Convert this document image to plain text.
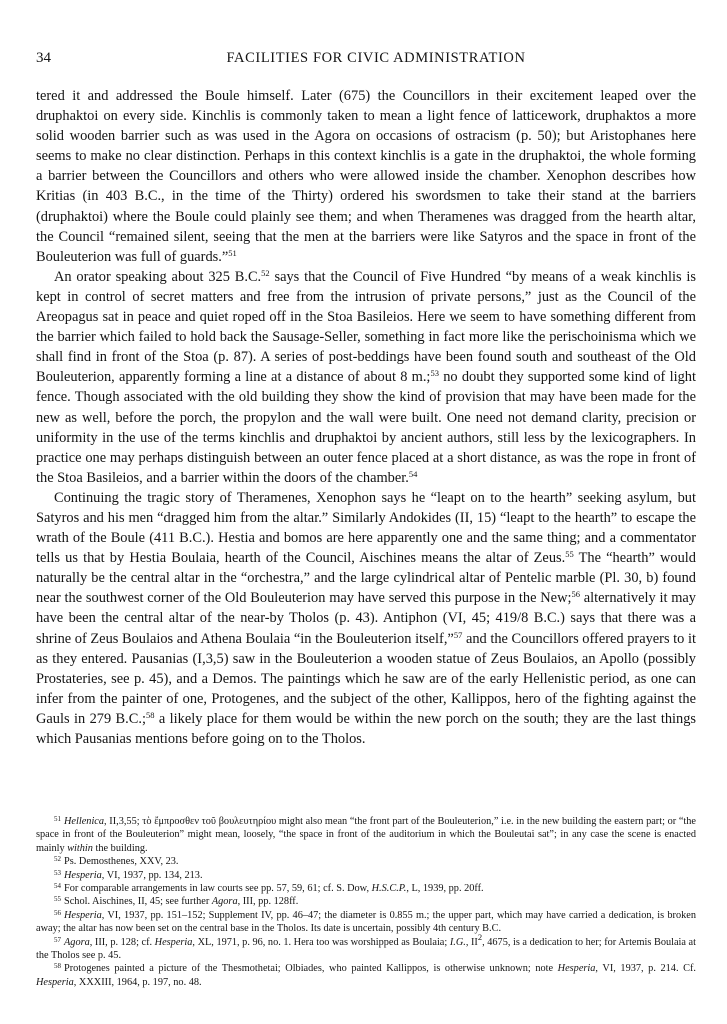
34	FACILITIES FOR CIVIC ADMINISTRATION

tered it and addressed the Boule himself. Later (675) the Councillors in their excitement leaped over the druphaktoi on every side. Kinchlis is commonly taken to mean a light fence of latticework, druphaktos a more solid wooden barrier such as was used in the Agora on occasions of ostracism (p. 50); but Aristophanes here seems to make no clear distinction. Perhaps in this context kinchlis is a gate in the druphaktoi, the whole forming a barrier between the Councillors and others who were allowed inside the chamber. Xenophon describes how Kritias (in 403 B.C., in the time of the Thirty) ordered his swordsmen to take their stand at the barriers (druphaktoi) where the Boule could plainly see them; and when Theramenes was dragged from the hearth altar, the Council “remained silent, seeing that the men at the barriers were like Satyros and the space in front of the Bouleuterion was full of guards.”$^{51}$

An orator speaking about 325 B.C.$^{52}$ says that the Council of Five Hundred “by means of a weak kinchlis is kept in control of secret matters and free from the intrusion of private persons,” just as the Council of the Areopagus sat in peace and quiet roped off in the Stoa Basileios. Here we seem to have something different from the barrier which failed to hold back the Sausage-Seller, something in fact more like the perischoinisma which we shall find in front of the Stoa (p. 87). A series of post-beddings have been found south and southeast of the Old Bouleuterion, apparently forming a line at a distance of about 8 m.;$^{53}$ no doubt they supported some kind of light fence. Though associated with the old building they show the kind of provision that may have been made for the new as well, before the porch, the propylon and the wall were built. One need not demand clarity, precision or uniformity in the use of the terms kinchlis and druphaktoi by ancient authors, still less by the lexicographers. In practice one may perhaps distinguish between an outer fence placed at a short distance, as was the rope in front of the Stoa Basileios, and a barrier within the doors of the chamber.$^{54}$

Continuing the tragic story of Theramenes, Xenophon says he “leapt on to the hearth” seeking asylum, but Satyros and his men “dragged him from the altar.” Similarly Andokides (II, 15) “leapt to the hearth” to escape the wrath of the Boule (411 B.C.). Hestia and bomos are here apparently one and the same thing; and a commentator tells us that by Hestia Boulaia, hearth of the Council, Aischines means the altar of Zeus.$^{55}$ The “hearth” would naturally be the central altar in the “orchestra,” and the large cylindrical altar of Pentelic marble (Pl. 30, b) found near the southwest corner of the Old Bouleuterion may have served this purpose in the New;$^{56}$ alternatively it may have been the central altar of the near-by Tholos (p. 43). Antiphon (VI, 45; 419/8 B.C.) says that there was a shrine of Zeus Boulaios and Athena Boulaia “in the Bouleuterion itself,”$^{57}$ and the Councillors offered prayers to it as they entered. Pausanias (I,3,5) saw in the Bouleuterion a wooden statue of Zeus Boulaios, an Apollo (possibly Prostateries, see p. 45), and a Demos. The paintings which he saw are of the early Hellenistic period, as one can infer from the painter of one, Protogenes, and the subject of the other, Kallippos, hero of the fighting against the Gauls in 279 B.C.;$^{58}$ a likely place for them would be within the new porch on the south; they are the last things which Pausanias mentions before going on to the Tholos.

$^{51}$ Hellenica, II,3,55; τὸ ἔμπροσθεν τοῦ βουλευτηρίου might also mean “the front part of the Bouleuterion,” i.e. in the new building the eastern part; or “the space in front of the Bouleuterion” might mean, loosely, “the space in front of the auditorium in which the Bouleutai sat”; in any case the scene is enacted mainly within the building.

$^{52}$ Ps. Demosthenes, XXV, 23.

$^{53}$ Hesperia, VI, 1937, pp. 134, 213.

$^{54}$ For comparable arrangements in law courts see pp. 57, 59, 61; cf. S. Dow, H.S.C.P., L, 1939, pp. 20ff.

$^{55}$ Schol. Aischines, II, 45; see further Agora, III, pp. 128ff.

$^{56}$ Hesperia, VI, 1937, pp. 151–152; Supplement IV, pp. 46–47; the diameter is 0.855 m.; the upper part, which may have carried a dedication, is broken away; the altar has now been set on the central base in the Tholos. Its date is uncertain, possibly 4th century B.C.

$^{57}$ Agora, III, p. 128; cf. Hesperia, XL, 1971, p. 96, no. 1. Hera too was worshipped as Boulaia; I.G., $II^2$, 4675, is a dedication to her; for Artemis Boulaia at the Tholos see p. 45.

$^{58}$ Protogenes painted a picture of the Thesmothetai; Olbiades, who painted Kallippos, is otherwise unknown; note Hesperia, VI, 1937, p. 214. Cf. Hesperia, XXXIII, 1964, p. 197, no. 48.
